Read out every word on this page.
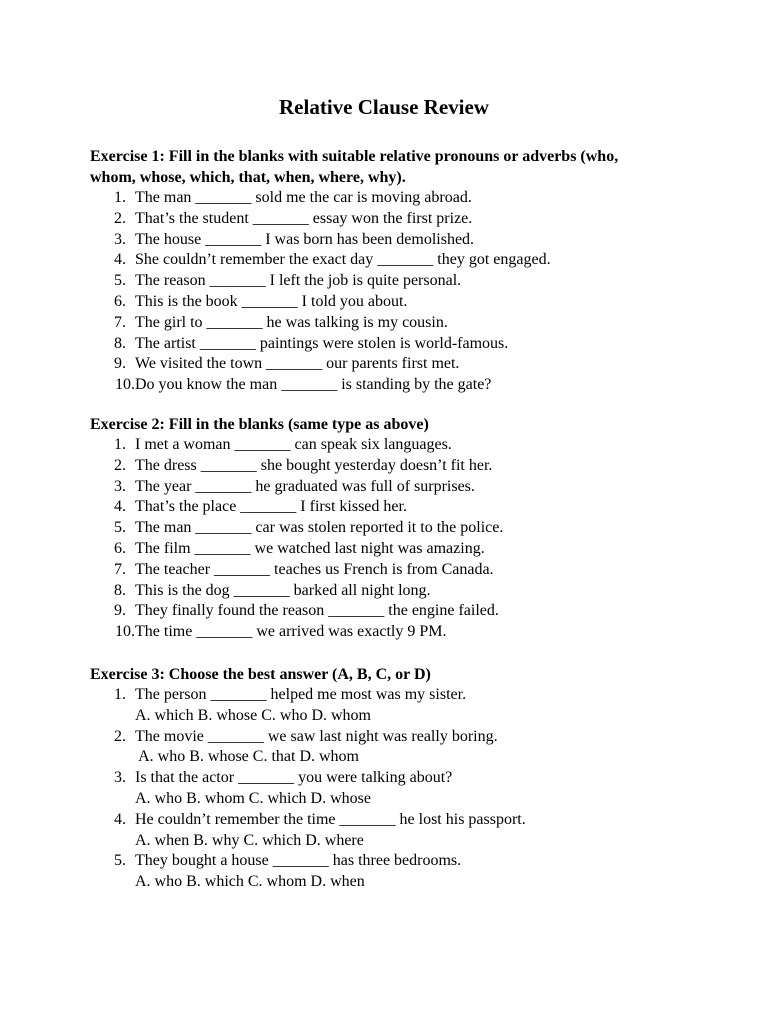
Relative Clause Review
Exercise 1: Fill in the blanks with suitable relative pronouns or adverbs (who,
whom, whose, which, that, when, where, why).
1. The man _______ sold me the car is moving abroad.
2. That’s the student _______ essay won the first prize.
3. The house _______ I was born has been demolished.
4. She couldn’t remember the exact day _______ they got engaged.
5. The reason _______ I left the job is quite personal.
6. This is the book _______ I told you about.
7. The girl to _______ he was talking is my cousin.
8. The artist _______ paintings were stolen is world-famous.
9. We visited the town _______ our parents first met.
10. Do you know the man _______ is standing by the gate?
Exercise 2: Fill in the blanks (same type as above)
1. I met a woman _______ can speak six languages.
2. The dress _______ she bought yesterday doesn’t fit her.
3. The year _______ he graduated was full of surprises.
4. That’s the place _______ I first kissed her.
5. The man _______ car was stolen reported it to the police.
6. The film _______ we watched last night was amazing.
7. The teacher _______ teaches us French is from Canada.
8. This is the dog _______ barked all night long.
9. They finally found the reason _______ the engine failed.
10. The time _______ we arrived was exactly 9 PM.
Exercise 3: Choose the best answer (A, B, C, or D)
1. The person _______ helped me most was my sister.
A. which B. whose C. who D. whom
2. The movie _______ we saw last night was really boring.
A. who B. whose C. that D. whom
3. Is that the actor _______ you were talking about?
A. who B. whom C. which D. whose
4. He couldn’t remember the time _______ he lost his passport.
A. when B. why C. which D. where
5. They bought a house _______ has three bedrooms.
A. who B. which C. whom D. when
